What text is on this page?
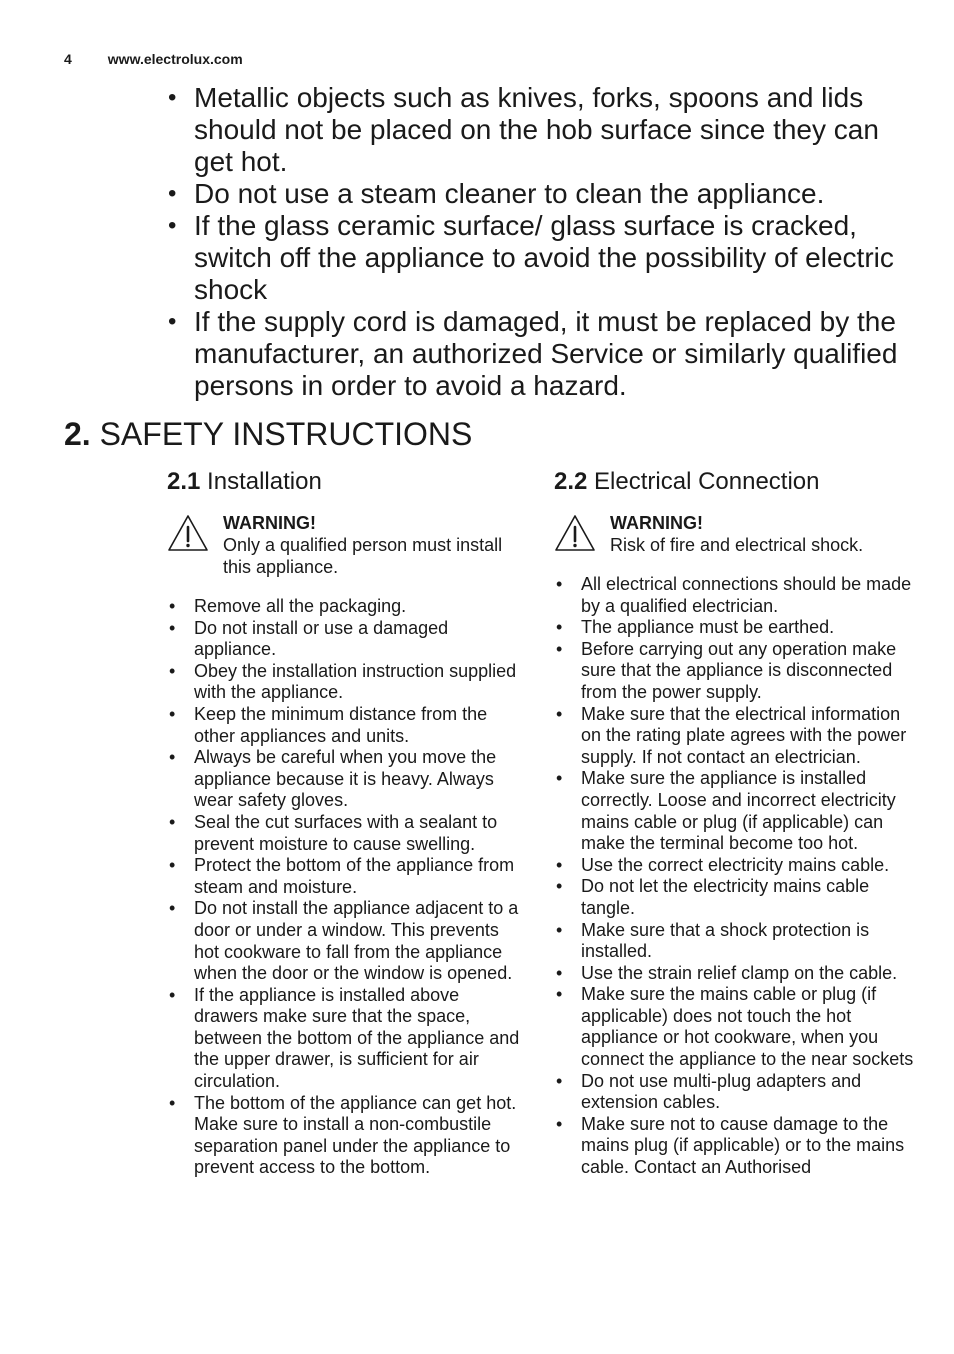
4	www.electrolux.com
• Metallic objects such as knives, forks, spoons and lids should not be placed on the hob surface since they can get hot.
• Do not use a steam cleaner to clean the appliance.
• If the glass ceramic surface/ glass surface is cracked, switch off the appliance to avoid the possibility of electric shock
• If the supply cord is damaged, it must be replaced by the manufacturer, an authorized Service or similarly qualified persons in order to avoid a hazard.
2. SAFETY INSTRUCTIONS
2.1 Installation
WARNING!
Only a qualified person must install this appliance.
• Remove all the packaging.
• Do not install or use a damaged appliance.
• Obey the installation instruction supplied with the appliance.
• Keep the minimum distance from the other appliances and units.
• Always be careful when you move the appliance because it is heavy. Always wear safety gloves.
• Seal the cut surfaces with a sealant to prevent moisture to cause swelling.
• Protect the bottom of the appliance from steam and moisture.
• Do not install the appliance adjacent to a door or under a window. This prevents hot cookware to fall from the appliance when the door or the window is opened.
• If the appliance is installed above drawers make sure that the space, between the bottom of the appliance and the upper drawer, is sufficient for air circulation.
• The bottom of the appliance can get hot. Make sure to install a non-combustile separation panel under the appliance to prevent access to the bottom.
2.2 Electrical Connection
WARNING!
Risk of fire and electrical shock.
• All electrical connections should be made by a qualified electrician.
• The appliance must be earthed.
• Before carrying out any operation make sure that the appliance is disconnected from the power supply.
• Make sure that the electrical information on the rating plate agrees with the power supply. If not contact an electrician.
• Make sure the appliance is installed correctly. Loose and incorrect electricity mains cable or plug (if applicable) can make the terminal become too hot.
• Use the correct electricity mains cable.
• Do not let the electricity mains cable tangle.
• Make sure that a shock protection is installed.
• Use the strain relief clamp on the cable.
• Make sure the mains cable or plug (if applicable) does not touch the hot appliance or hot cookware, when you connect the appliance to the near sockets
• Do not use multi-plug adapters and extension cables.
• Make sure not to cause damage to the mains plug (if applicable) or to the mains cable. Contact an Authorised
